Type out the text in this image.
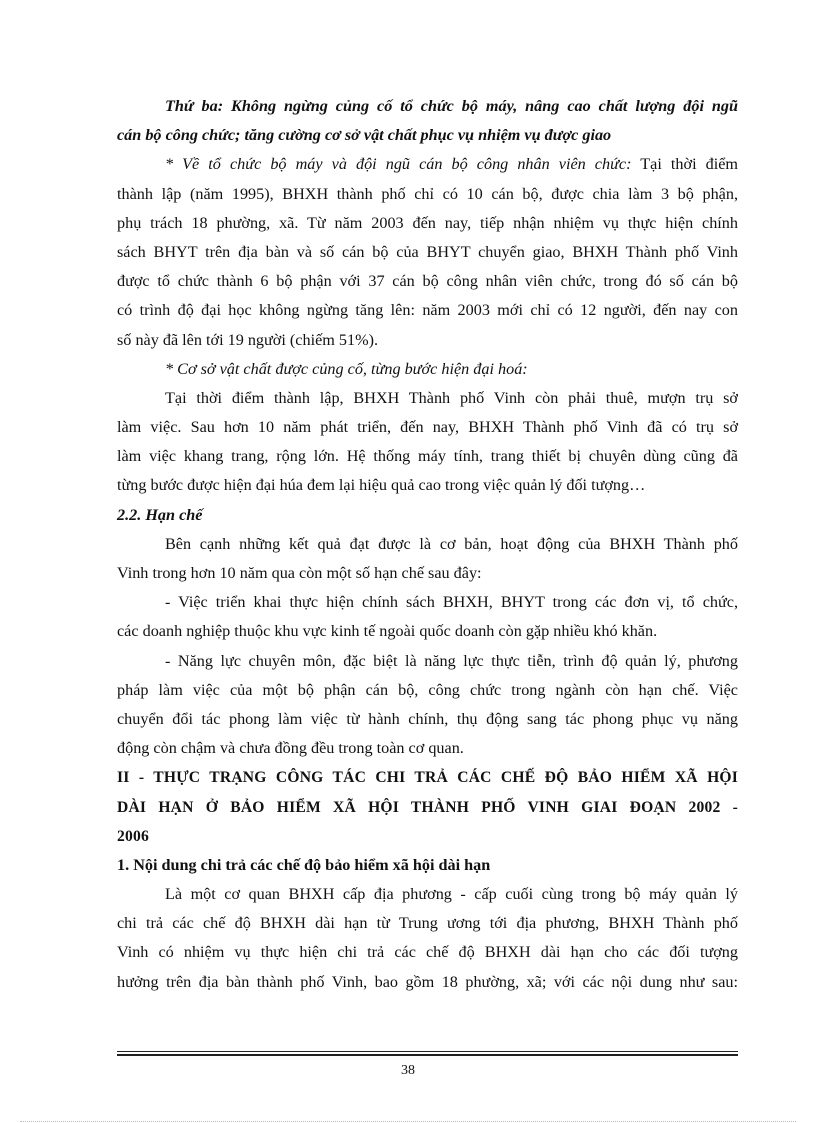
Thứ ba: Không ngừng củng cố tổ chức bộ máy, nâng cao chất lượng đội ngũ
cán bộ công chức; tăng cường cơ sở vật chất phục vụ nhiệm vụ được giao
* Về tổ chức bộ máy và đội ngũ cán bộ công nhân viên chức: Tại thời điểm
thành lập (năm 1995), BHXH thành phố chỉ có 10 cán bộ, được chia làm 3 bộ phận,
phụ trách 18 phường, xã. Từ năm 2003 đến nay, tiếp nhận nhiệm vụ thực hiện chính
sách BHYT trên địa bàn và số cán bộ của BHYT chuyển giao, BHXH Thành phố Vinh
được tổ chức thành 6 bộ phận với 37 cán bộ công nhân viên chức, trong đó số cán bộ
có trình độ đại học không ngừng tăng lên: năm 2003 mới chỉ có 12 người, đến nay con
số này đã lên tới 19 người (chiếm 51%).
* Cơ sở vật chất được củng cố, từng bước hiện đại hoá:
Tại thời điểm thành lập, BHXH Thành phố Vinh còn phải thuê, mượn trụ sở
làm việc. Sau hơn 10 năm phát triển, đến nay, BHXH Thành phố Vinh đã có trụ sở
làm việc khang trang, rộng lớn. Hệ thống máy tính, trang thiết bị chuyên dùng cũng đã
từng bước được hiện đại húa đem lại hiệu quả cao trong việc quản lý đối tượng…
2.2. Hạn chế
Bên cạnh những kết quả đạt được là cơ bản, hoạt động của BHXH Thành phố
Vinh trong hơn 10 năm qua còn một số hạn chế sau đây:
- Việc triển khai thực hiện chính sách BHXH, BHYT trong các đơn vị, tổ chức,
các doanh nghiệp thuộc khu vực kinh tế ngoài quốc doanh còn gặp nhiều khó khăn.
- Năng lực chuyên môn, đặc biệt là năng lực thực tiễn, trình độ quản lý, phương
pháp làm việc của một bộ phận cán bộ, công chức trong ngành còn hạn chế. Việc
chuyển đổi tác phong làm việc từ hành chính, thụ động sang tác phong phục vụ năng
động còn chậm và chưa đồng đều trong toàn cơ quan.
II - THỰC TRẠNG CÔNG TÁC CHI TRẢ CÁC CHẾ ĐỘ BẢO HIỂM XÃ HỘI
DÀI HẠN Ở BẢO HIỂM XÃ HỘI THÀNH PHỐ VINH GIAI ĐOẠN 2002 -
2006
1. Nội dung chi trả các chế độ bảo hiểm xã hội dài hạn
Là một cơ quan BHXH cấp địa phương - cấp cuối cùng trong bộ máy quản lý
chi trả các chế độ BHXH dài hạn từ Trung ương tới địa phương, BHXH Thành phố
Vinh có nhiệm vụ thực hiện chi trả các chế độ BHXH dài hạn cho các đối tượng
hưởng trên địa bàn thành phố Vinh, bao gồm 18 phường, xã; với các nội dung như sau:
38
